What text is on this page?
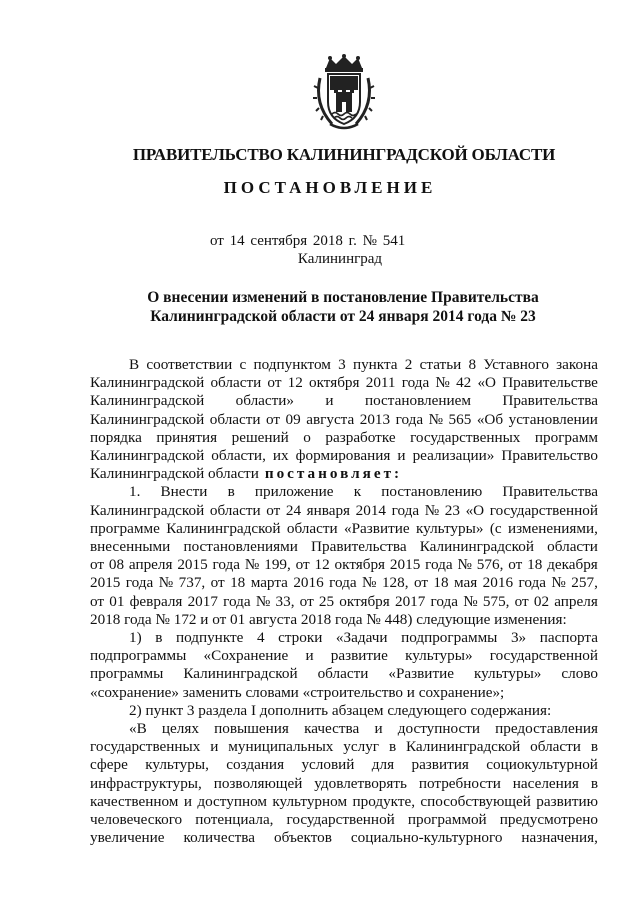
ПРАВИТЕЛЬСТВО КАЛИНИНГРАДСКОЙ ОБЛАСТИ
ПОСТАНОВЛЕНИЕ
от 14 сентября 2018 г. № 541
Калининград
О внесении изменений в постановление Правительства
Калининградской области от 24 января 2014 года № 23
В соответствии с подпунктом 3 пункта 2 статьи 8 Уставного закона
Калининградской области от 12 октября 2011 года № 42 «О Правительстве
Калининградской области» и постановлением Правительства
Калининградской области от 09 августа 2013 года № 565 «Об установлении
порядка принятия решений о разработке государственных программ
Калининградской области, их формирования и реализации» Правительство
Калининградской области постановляет:
1. Внести в приложение к постановлению Правительства
Калининградской области от 24 января 2014 года № 23 «О государственной
программе Калининградской области «Развитие культуры» (с изменениями,
внесенными постановлениями Правительства Калининградской области
от 08 апреля 2015 года № 199, от 12 октября 2015 года № 576, от 18 декабря
2015 года № 737, от 18 марта 2016 года № 128, от 18 мая 2016 года № 257,
от 01 февраля 2017 года № 33, от 25 октября 2017 года № 575, от 02 апреля
2018 года № 172 и от 01 августа 2018 года № 448) следующие изменения:
1) в подпункте 4 строки «Задачи подпрограммы 3» паспорта
подпрограммы «Сохранение и развитие культуры» государственной
программы Калининградской области «Развитие культуры» слово
«сохранение» заменить словами «строительство и сохранение»;
2) пункт 3 раздела I дополнить абзацем следующего содержания:
«В целях повышения качества и доступности предоставления
государственных и муниципальных услуг в Калининградской области в
сфере культуры, создания условий для развития социокультурной
инфраструктуры, позволяющей удовлетворять потребности населения в
качественном и доступном культурном продукте, способствующей развитию
человеческого потенциала, государственной программой предусмотрено
увеличение количества объектов социально-культурного назначения,
